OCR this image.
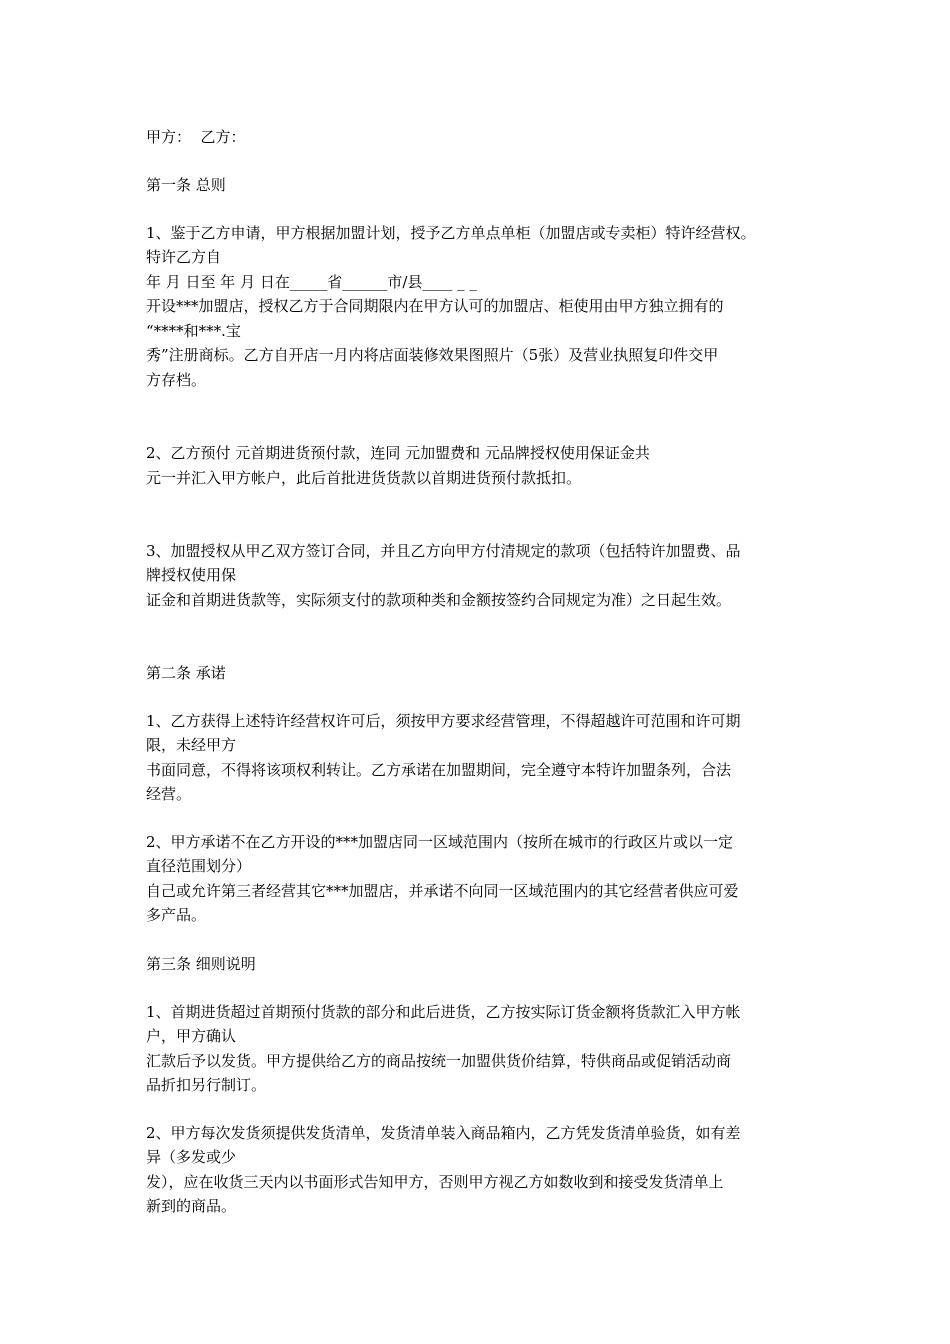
甲方：  乙方：

第一条 总则

1、鉴于乙方申请，甲方根据加盟计划，授予乙方单点单柜（加盟店或专卖柜）特许经营权。

特许乙方自

年 月 日至 年 月 日在_____省______市/县____ _ _

开设***加盟店，授权乙方于合同期限内在甲方认可的加盟店、柜使用由甲方独立拥有的

“****和***.宝

秀”注册商标。乙方自开店一月内将店面装修效果图照片（5张）及营业执照复印件交甲

方存档。

2、乙方预付 元首期进货预付款，连同 元加盟费和 元品牌授权使用保证金共

元一并汇入甲方帐户，此后首批进货货款以首期进货预付款抵扣。

3、加盟授权从甲乙双方签订合同，并且乙方向甲方付清规定的款项（包括特许加盟费、品

牌授权使用保

证金和首期进货款等，实际须支付的款项种类和金额按签约合同规定为准）之日起生效。

第二条 承诺

1、乙方获得上述特许经营权许可后，须按甲方要求经营管理，不得超越许可范围和许可期

限，未经甲方

书面同意，不得将该项权利转让。乙方承诺在加盟期间，完全遵守本特许加盟条列，合法

经营。

2、甲方承诺不在乙方开设的***加盟店同一区域范围内（按所在城市的行政区片或以一定

直径范围划分）

自己或允许第三者经营其它***加盟店，并承诺不向同一区域范围内的其它经营者供应可爱

多产品。

第三条 细则说明

1、首期进货超过首期预付货款的部分和此后进货，乙方按实际订货金额将货款汇入甲方帐

户，甲方确认

汇款后予以发货。甲方提供给乙方的商品按统一加盟供货价结算，特供商品或促销活动商

品折扣另行制订。

2、甲方每次发货须提供发货清单，发货清单装入商品箱内，乙方凭发货清单验货，如有差

异（多发或少

发），应在收货三天内以书面形式告知甲方，否则甲方视乙方如数收到和接受发货清单上

新到的商品。
